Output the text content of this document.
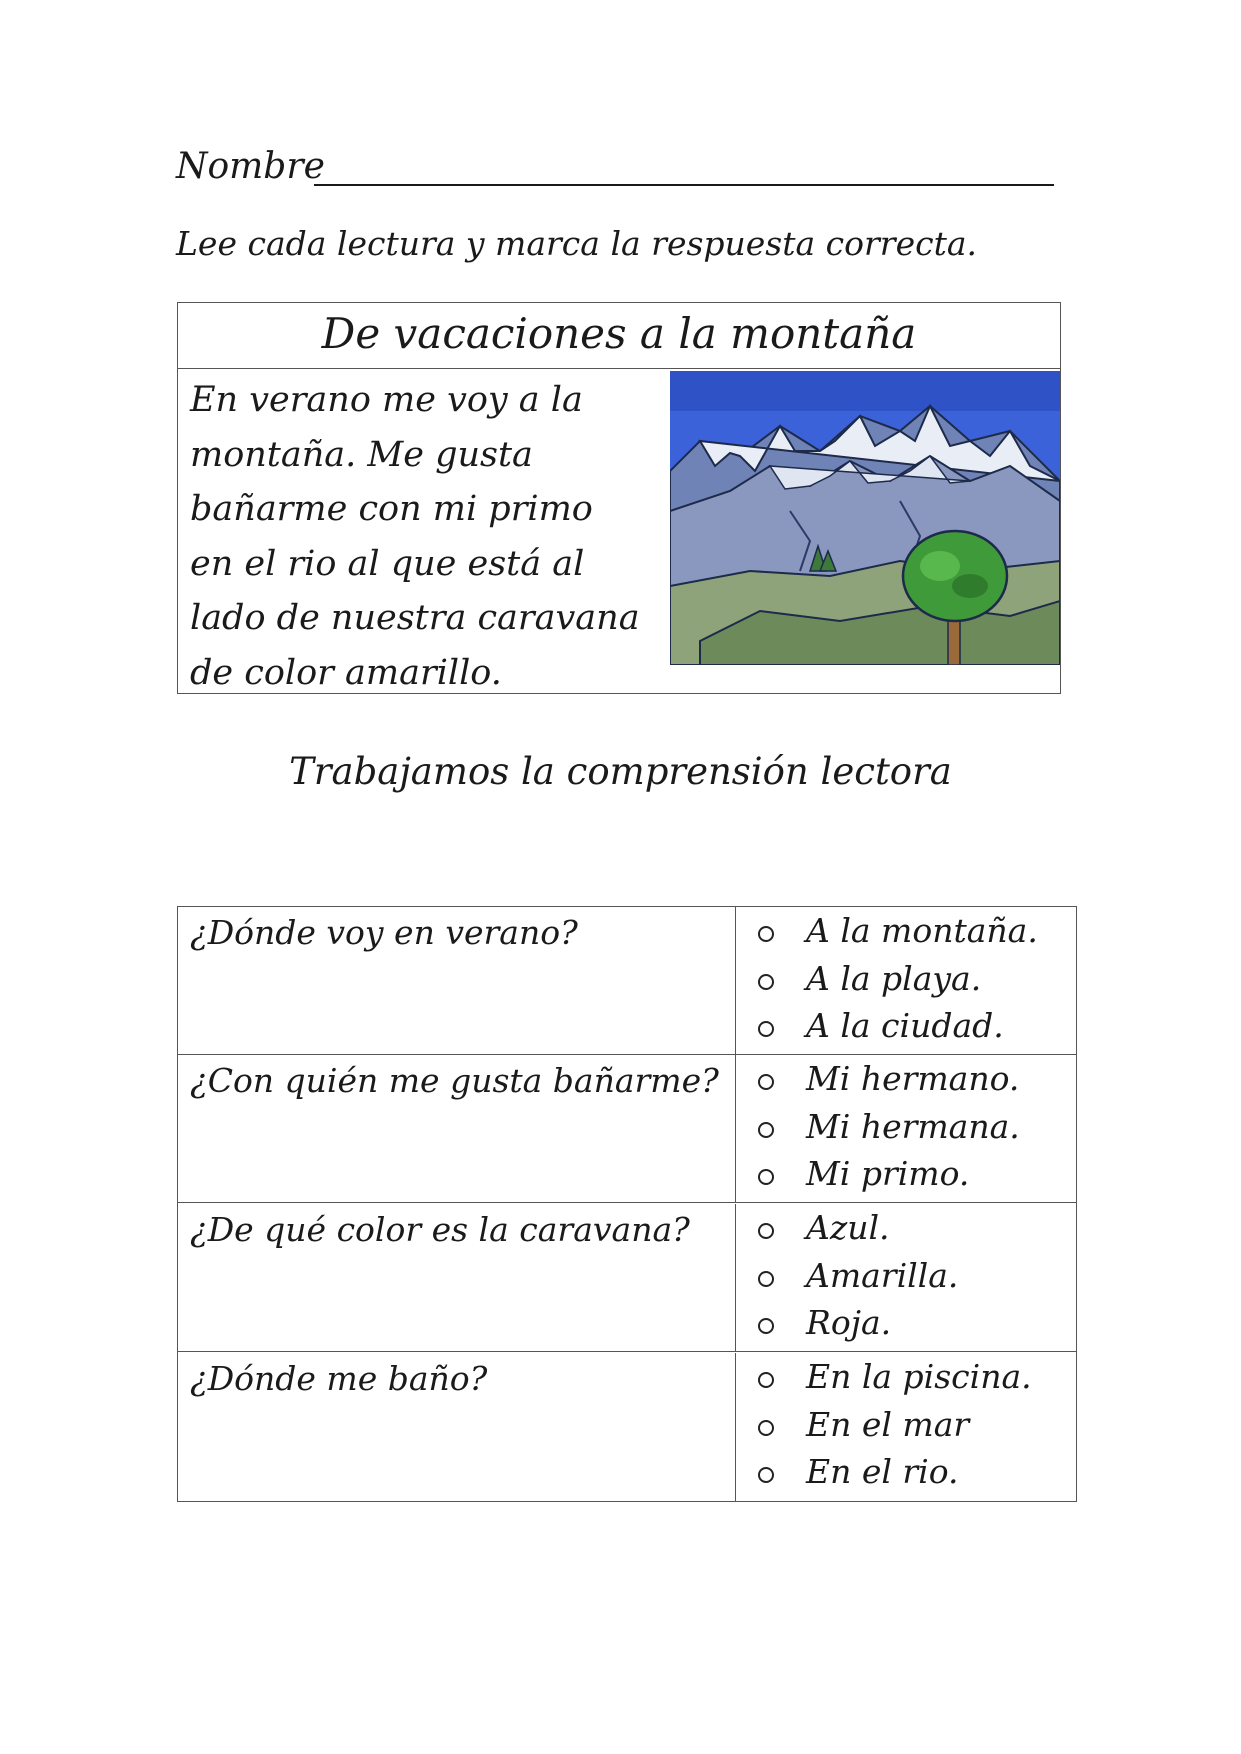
Nombre
Lee cada lectura y marca la respuesta correcta.
De vacaciones a la montaña
En verano me voy a la
montaña. Me gusta
bañarme con mi primo
en el rio al que está al
lado de nuestra caravana
de color amarillo.
Trabajamos la comprensión lectora
¿Dónde voy en verano?	A la montaña.
A la playa.
A la ciudad.
¿Con quién me gusta bañarme?	Mi hermano.
Mi hermana.
Mi primo.
¿De qué color es la caravana?	Azul.
Amarilla.
Roja.
¿Dónde me baño?	En la piscina.
En el mar
En el rio.
